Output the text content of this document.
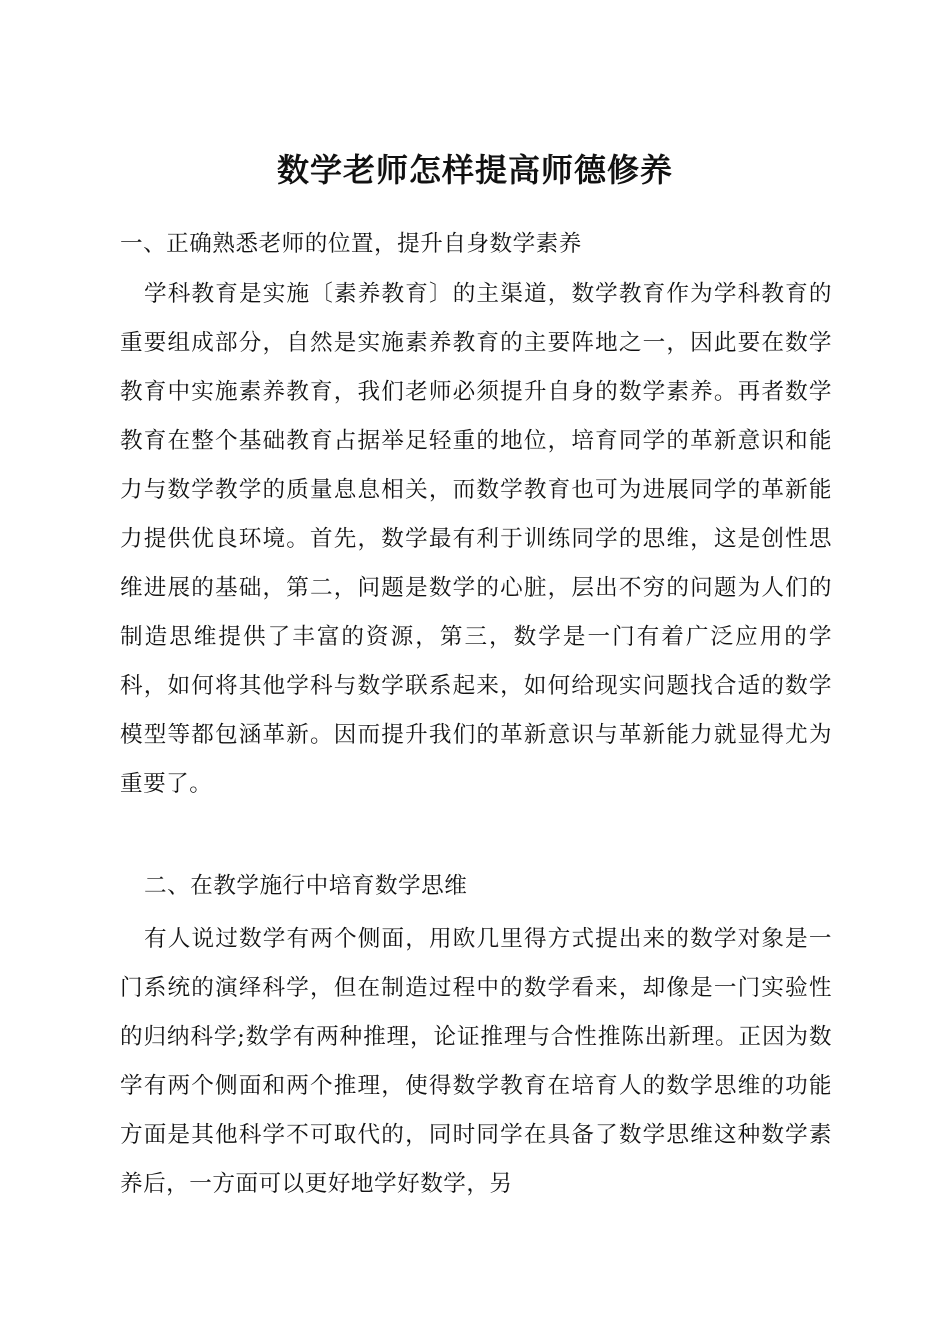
数学老师怎样提高师德修养

一、正确熟悉老师的位置，提升自身数学素养

学科教育是实施〔素养教育〕的主渠道，数学教育作为学科教育的重要组成部分，自然是实施素养教育的主要阵地之一，因此要在数学教育中实施素养教育，我们老师必须提升自身的数学素养。再者数学教育在整个基础教育占据举足轻重的地位，培育同学的革新意识和能力与数学教学的质量息息相关，而数学教育也可为进展同学的革新能力提供优良环境。首先，数学最有利于训练同学的思维，这是创性思维进展的基础，第二，问题是数学的心脏，层出不穷的问题为人们的制造思维提供了丰富的资源，第三，数学是一门有着广泛应用的学科，如何将其他学科与数学联系起来，如何给现实问题找合适的数学模型等都包涵革新。因而提升我们的革新意识与革新能力就显得尤为重要了。

二、在教学施行中培育数学思维

有人说过数学有两个侧面，用欧几里得方式提出来的数学对象是一门系统的演绎科学，但在制造过程中的数学看来，却像是一门实验性的归纳科学;数学有两种推理，论证推理与合性推陈出新理。正因为数学有两个侧面和两个推理，使得数学教育在培育人的数学思维的功能方面是其他科学不可取代的，同时同学在具备了数学思维这种数学素养后，一方面可以更好地学好数学，另
